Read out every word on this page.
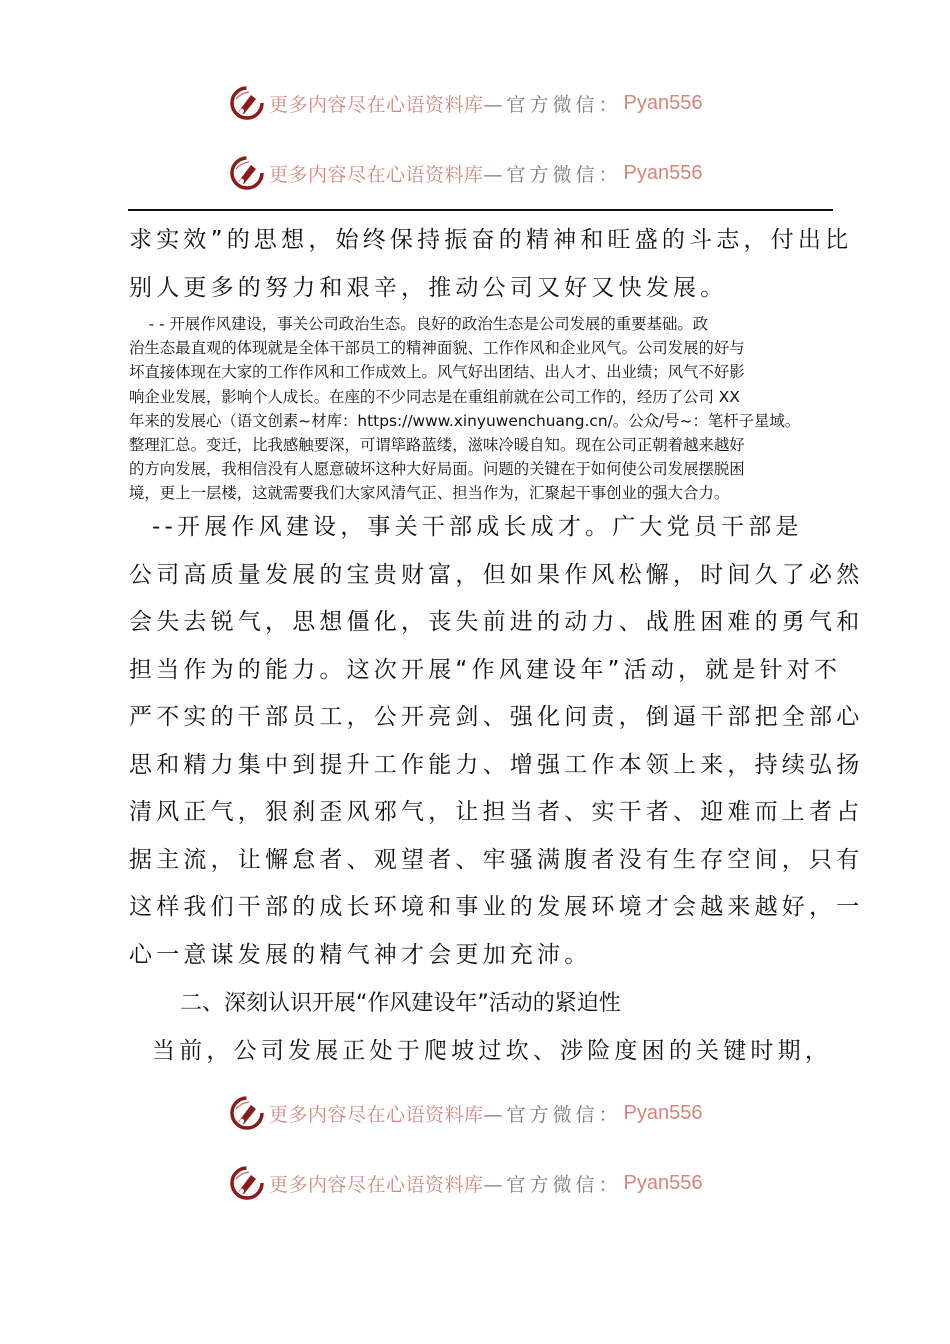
更多内容尽在心语资料库 —官方微信： Pyan556
更多内容尽在心语资料库 —官方微信： Pyan556
求实效”的思想，始终保持振奋的精神和旺盛的斗志，付出比
别人更多的努力和艰辛，推动公司又好又快发展。
- - 开展作风建设，事关公司政治生态。良好的政治生态是公司发展的重要基础。政
治生态最直观的体现就是全体干部员工的精神面貌、工作作风和企业风气。公司发展的好与
坏直接体现在大家的工作作风和工作成效上。风气好出团结、出人才、出业绩；风气不好影
响企业发展，影响个人成长。在座的不少同志是在重组前就在公司工作的，经历了公司 XX
年来的发展心（语文创素~材库：https://www.xinyuwenchuang.cn/。公众/号~：笔杆子星域。
整理汇总。变迁，比我感触要深，可谓筚路蓝缕，滋味冷暖自知。现在公司正朝着越来越好
的方向发展，我相信没有人愿意破坏这种大好局面。问题的关键在于如何使公司发展摆脱困
境，更上一层楼，这就需要我们大家风清气正、担当作为，汇聚起干事创业的强大合力。
--开展作风建设，事关干部成长成才。广大党员干部是
公司高质量发展的宝贵财富，但如果作风松懈，时间久了必然
会失去锐气，思想僵化，丧失前进的动力、战胜困难的勇气和
担当作为的能力。这次开展“作风建设年”活动，就是针对不
严不实的干部员工，公开亮剑、强化问责，倒逼干部把全部心
思和精力集中到提升工作能力、增强工作本领上来，持续弘扬
清风正气，狠刹歪风邪气，让担当者、实干者、迎难而上者占
据主流，让懈怠者、观望者、牢骚满腹者没有生存空间，只有
这样我们干部的成长环境和事业的发展环境才会越来越好，一
心一意谋发展的精气神才会更加充沛。
二、深刻认识开展“作风建设年”活动的紧迫性
当前，公司发展正处于爬坡过坎、涉险度困的关键时期，
更多内容尽在心语资料库 —官方微信： Pyan556
更多内容尽在心语资料库 —官方微信： Pyan556
